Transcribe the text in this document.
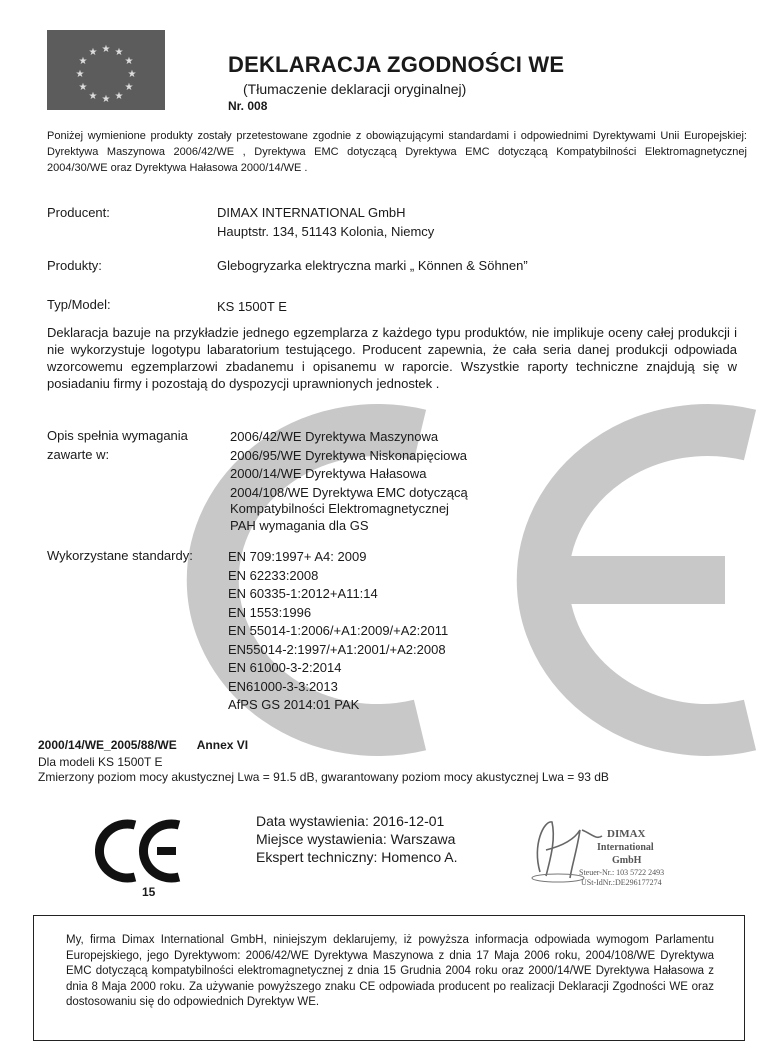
★ ★
★
★
★
★
★
★
★
★
★
★	DEKLARACJA ZGODNOŚCI WE
(Tłumaczenie deklaracji oryginalnej)
Nr. 008
Poniżej wymienione produkty zostały przetestowane zgodnie z obowiązującymi standardami i odpowiednimi Dyrektywami Unii Europejskiej: Dyrektywa Maszynowa 2006/42/WE , Dyrektywa EMC dotyczącą Dyrektywa EMC dotyczącą Kompatybilności Elektromagnetycznej 2004/30/WE oraz Dyrektywa Hałasowa 2000/14/WE .
Producent:	DIMAX INTERNATIONAL GmbH
Hauptstr. 134, 51143 Kolonia, Niemcy
Produkty:	Glebogryzarka elektryczna marki „ Können & Söhnen”
Typ/Model:	KS 1500T E
Deklaracja bazuje na przykładzie jednego egzemplarza z każdego typu produktów, nie implikuje oceny całej produkcji i nie wykorzystuje logotypu labaratorium testującego. Producent zapewnia, że cała seria danej produkcji odpowiada wzorcowemu egzemplarzowi zbadanemu i opisanemu w raporcie. Wszystkie raporty techniczne znajdują się w posiadaniu firmy i pozostają do dyspozycji uprawnionych jednostek .
Opis spełnia wymagania
zawarte w:
2006/42/WE Dyrektywa Maszynowa
2006/95/WE Dyrektywa Niskonapięciowa
2000/14/WE Dyrektywa Hałasowa
2004/108/WE Dyrektywa EMC dotyczącą
Kompatybilności Elektromagnetycznej
PAH wymagania dla GS
Wykorzystane standardy:	EN 709:1997+ A4: 2009
EN 62233:2008
EN 60335-1:2012+A11:14
EN 1553:1996
EN 55014-1:2006/+A1:2009/+A2:2011
EN55014-2:1997/+A1:2001/+A2:2008
EN 61000-3-2:2014
EN61000-3-3:2013
AfPS GS 2014:01 PAK
2000/14/WE_2005/88/WE Annex VI
Dla modeli KS 1500T E
Zmierzony poziom mocy akustycznej Lwa = 91.5 dB, gwarantowany poziom mocy akustycznej Lwa = 93 dB
15
Data wystawienia: 2016-12-01
Miejsce wystawienia: Warszawa
Ekspert techniczny: Homenco A.
DIMAX
International
GmbH
Steuer-Nr.: 103 5722 2493
USt-IdNr.:DE296177274
My, firma Dimax International GmbH, niniejszym deklarujemy, iż powyższa informacja odpowiada wymogom Parlamentu Europejskiego, jego Dyrektywom: 2006/42/WE Dyrektywa Maszynowa z dnia 17 Maja 2006 roku, 2004/108/WE Dyrektywa EMC dotyczącą kompatybilności elektromagnetycznej z dnia 15 Grudnia 2004 roku oraz 2000/14/WE Dyrektywa Hałasowa z dnia 8 Maja 2000 roku. Za używanie powyższego znaku CE odpowiada producent po realizacji Deklaracji Zgodności WE oraz dostosowaniu się do odpowiednich Dyrektyw WE.
